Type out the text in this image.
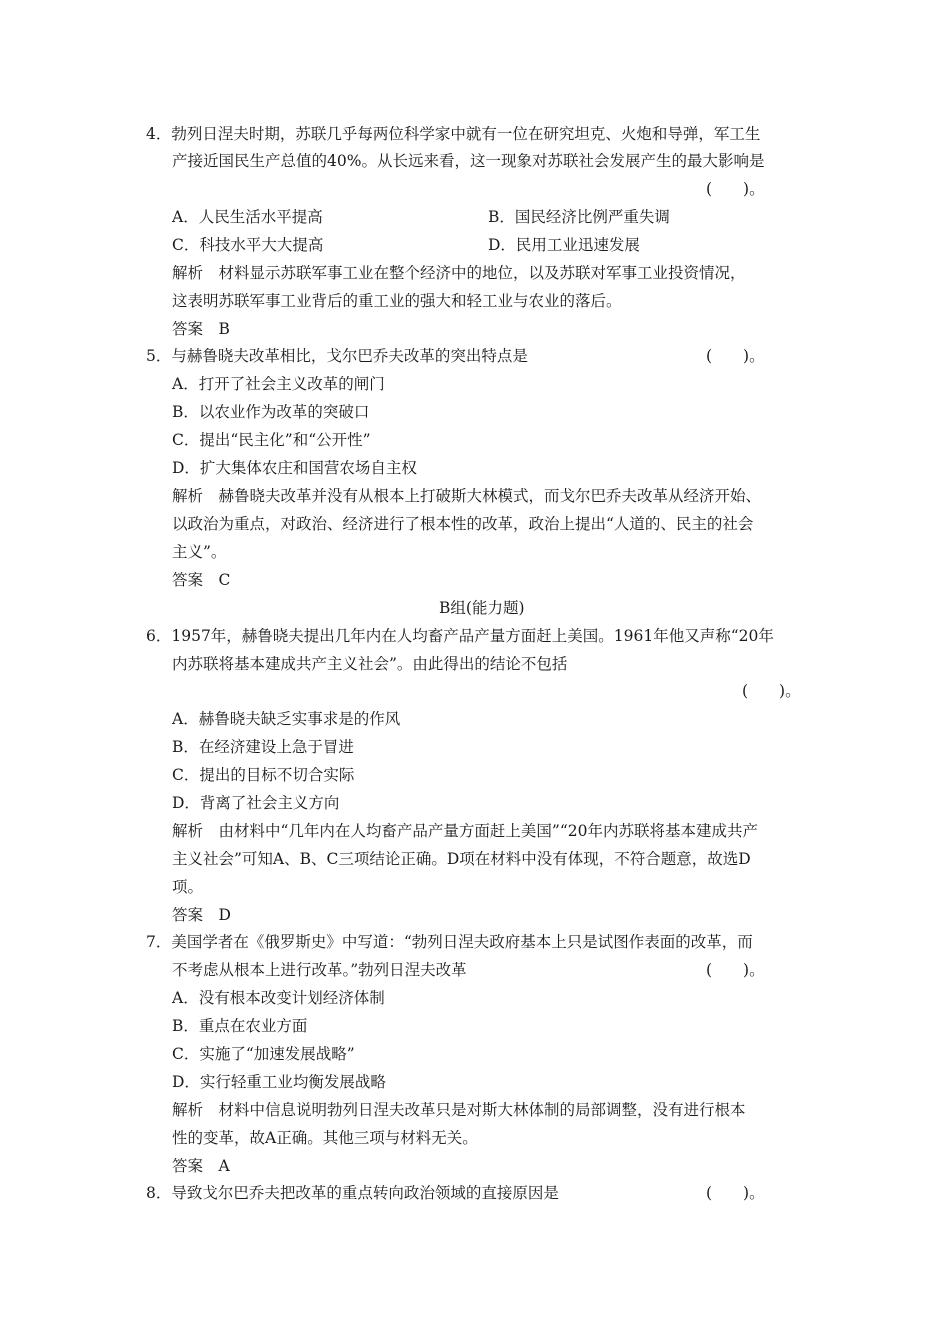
4．勃列日涅夫时期，苏联几乎每两位科学家中就有一位在研究坦克、火炮和导弹，军工生
产接近国民生产总值的40%。从长远来看，这一现象对苏联社会发展产生的最大影响是
(　　)。
A．人民生活水平提高	B．国民经济比例严重失调
C．科技水平大大提高	D．民用工业迅速发展
解析　材料显示苏联军事工业在整个经济中的地位，以及苏联对军事工业投资情况，
这表明苏联军事工业背后的重工业的强大和轻工业与农业的落后。
答案　B
5．与赫鲁晓夫改革相比，戈尔巴乔夫改革的突出特点是	(　　)。
A．打开了社会主义改革的闸门
B．以农业作为改革的突破口
C．提出“民主化”和“公开性”
D．扩大集体农庄和国营农场自主权
解析　赫鲁晓夫改革并没有从根本上打破斯大林模式，而戈尔巴乔夫改革从经济开始、
以政治为重点，对政治、经济进行了根本性的改革，政治上提出“人道的、民主的社会
主义”。
答案　C
B组(能力题)
6．1957年，赫鲁晓夫提出几年内在人均畜产品产量方面赶上美国。1961年他又声称“20年
内苏联将基本建成共产主义社会”。由此得出的结论不包括
(　　)。
A．赫鲁晓夫缺乏实事求是的作风
B．在经济建设上急于冒进
C．提出的目标不切合实际
D．背离了社会主义方向
解析　由材料中“几年内在人均畜产品产量方面赶上美国”“20年内苏联将基本建成共产
主义社会”可知A、B、C三项结论正确。D项在材料中没有体现，不符合题意，故选D
项。
答案　D
7．美国学者在《俄罗斯史》中写道：“勃列日涅夫政府基本上只是试图作表面的改革，而
不考虑从根本上进行改革。”勃列日涅夫改革	(　　)。
A．没有根本改变计划经济体制
B．重点在农业方面
C．实施了“加速发展战略”
D．实行轻重工业均衡发展战略
解析　材料中信息说明勃列日涅夫改革只是对斯大林体制的局部调整，没有进行根本
性的变革，故A正确。其他三项与材料无关。
答案　A
8．导致戈尔巴乔夫把改革的重点转向政治领域的直接原因是	(　　)。
